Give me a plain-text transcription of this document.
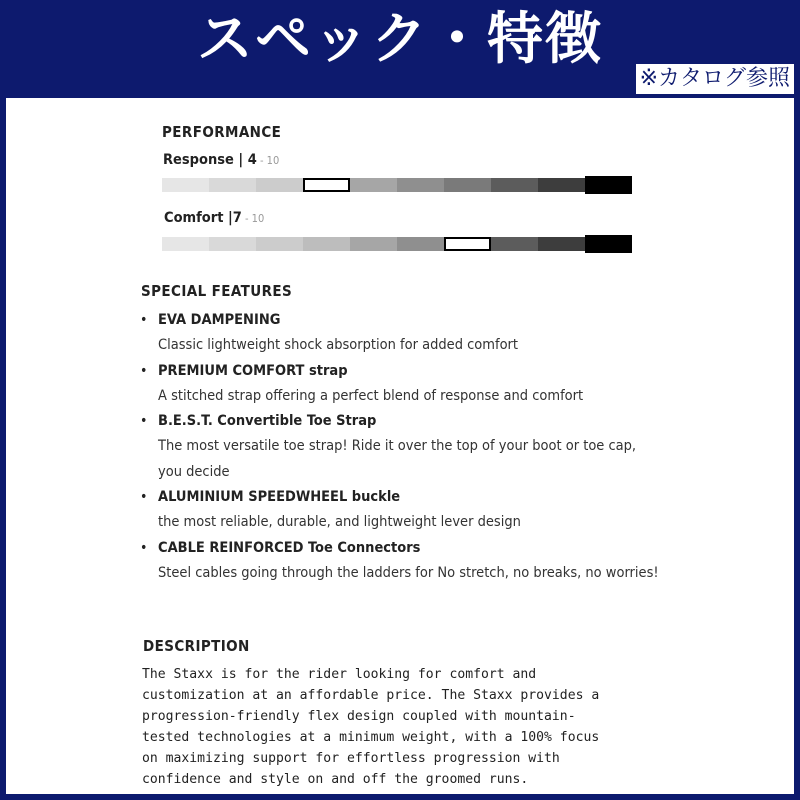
スペック・特徴
※カタログ参照
PERFORMANCE
Response | 4 - 10
Comfort |7 - 10
SPECIAL FEATURES
• EVA DAMPENING
Classic lightweight shock absorption for added comfort
• PREMIUM COMFORT strap
A stitched strap offering a perfect blend of response and comfort
• B.E.S.T. Convertible Toe Strap
The most versatile toe strap! Ride it over the top of your boot or toe cap, you decide
• ALUMINIUM SPEEDWHEEL buckle
the most reliable, durable, and lightweight lever design
• CABLE REINFORCED Toe Connectors
Steel cables going through the ladders for No stretch, no breaks, no worries!
DESCRIPTION
The Staxx is for the rider looking for comfort and customization at an affordable price. The Staxx provides a progression-friendly flex design coupled with mountain-tested technologies at a minimum weight, with a 100% focus on maximizing support for effortless progression with confidence and style on and off the groomed runs.
